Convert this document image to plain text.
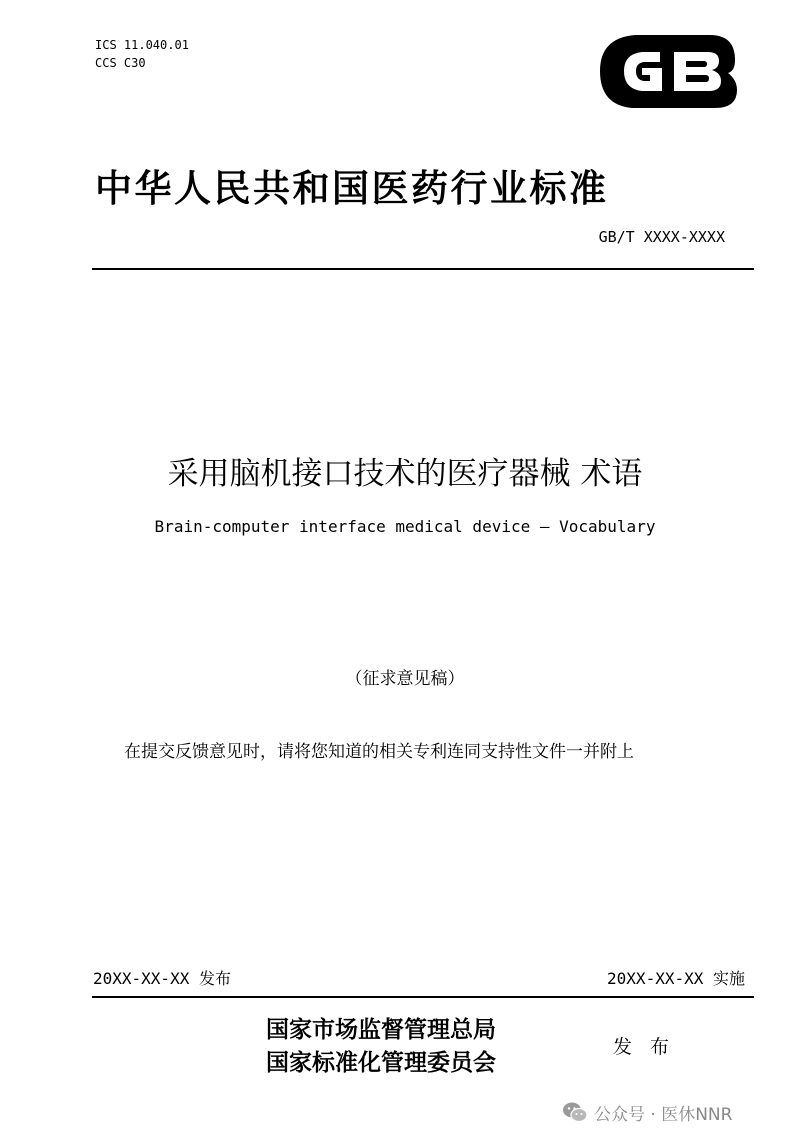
ICS 11.040.01
CCS C30
中华人民共和国医药行业标准
GB/T XXXX-XXXX
采用脑机接口技术的医疗器械 术语
Brain-computer interface medical device — Vocabulary
（征求意见稿）
在提交反馈意见时，请将您知道的相关专利连同支持性文件一并附上
20XX-XX-XX 发布	20XX-XX-XX 实施
国家市场监督管理总局
国家标准化管理委员会
发 布
公众号 · 医休NNR
